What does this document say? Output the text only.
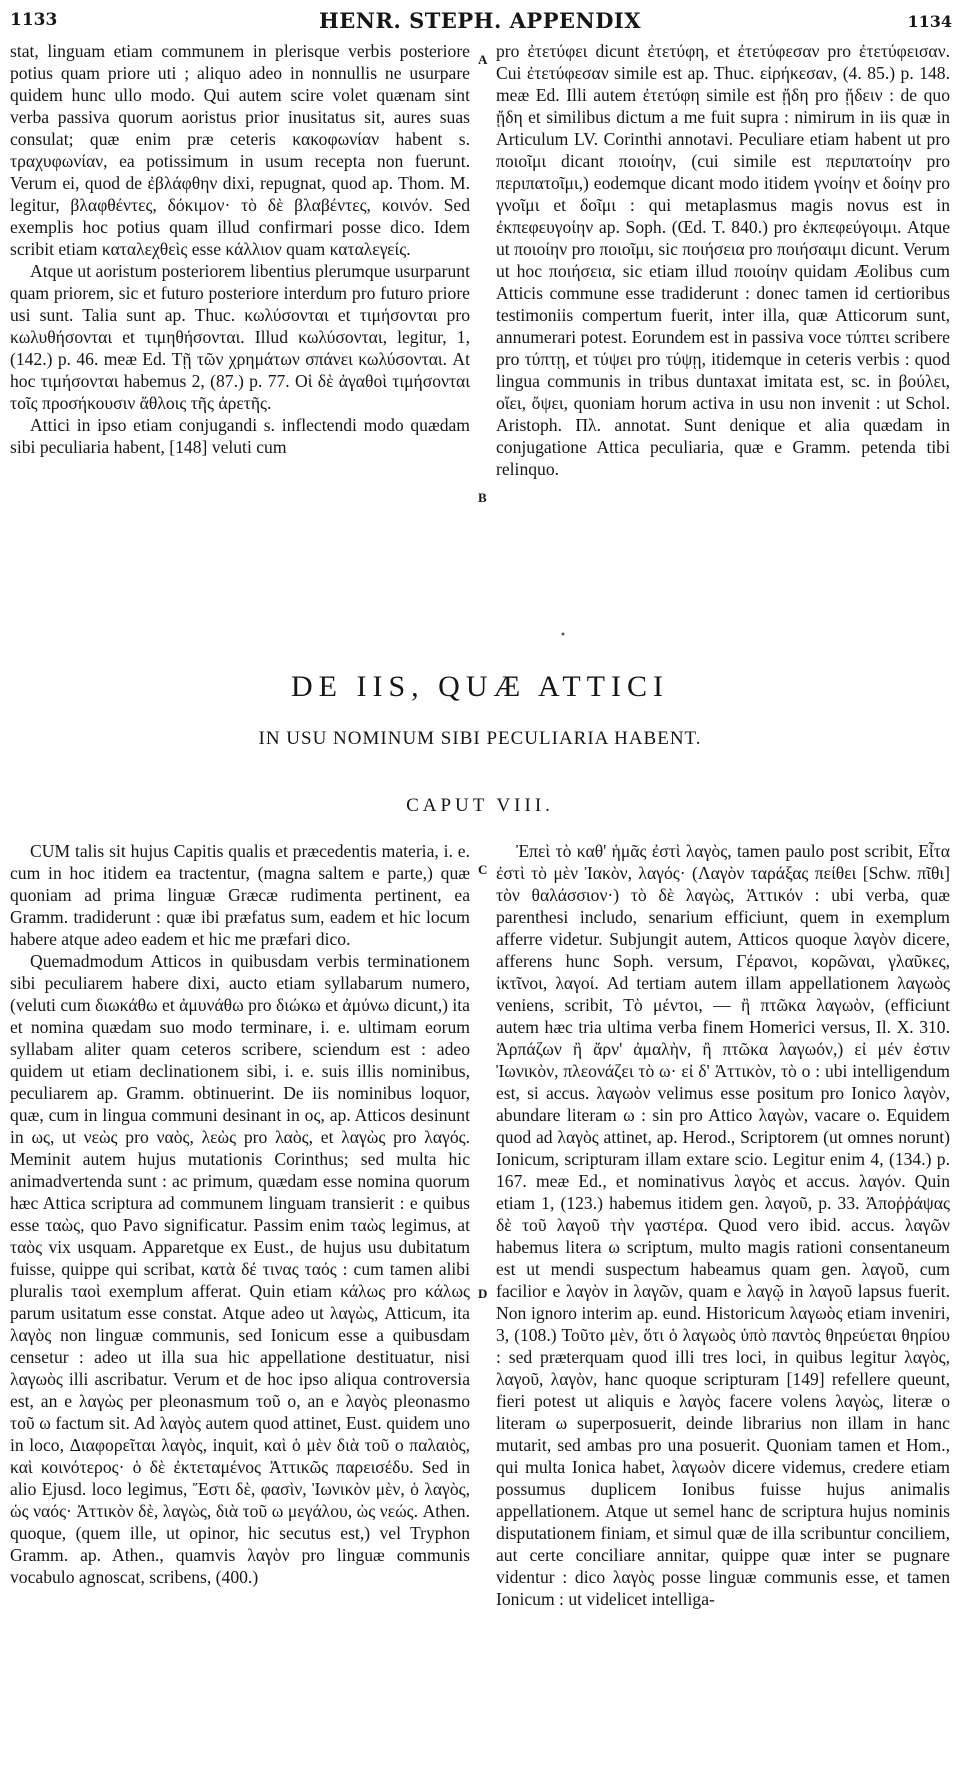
1133	HENR. STEPH. APPENDIX	1134

stat, linguam etiam communem in plerisque verbis posteriore potius quam priore uti ; aliquo adeo in nonnullis ne usurpare quidem hunc ullo modo. Qui autem scire volet quænam sint verba passiva quorum aoristus prior inusitatus sit, aures suas consulat; quæ enim præ ceteris κακοφωνίαν habent s. τραχυφωνίαν, ea potissimum in usum recepta non fuerunt. Verum ei, quod de ἐβλάφθην dixi, repugnat, quod ap. Thom. M. legitur, βλαφθέντες, δόκιμον· τὸ δὲ βλαβέντες, κοινόν. Sed exemplis hoc potius quam illud confirmari posse dico. Idem scribit etiam καταλεχθεὶς esse κάλλιον quam καταλεγείς.

Atque ut aoristum posteriorem libentius plerumque usurparunt quam priorem, sic et futuro posteriore interdum pro futuro priore usi sunt. Talia sunt ap. Thuc. κωλύσονται et τιμήσονται pro κωλυθήσονται et τιμηθήσονται. Illud κωλύσονται, legitur, 1, (142.) p. 46. meæ Ed. Τῇ τῶν χρημάτων σπάνει κωλύσονται. At hoc τιμήσονται habemus 2, (87.) p. 77. Οἱ δὲ ἀγαθοὶ τιμήσονται τοῖς προσήκουσιν ἄθλοις τῆς ἀρετῆς.

Attici in ipso etiam conjugandi s. inflectendi modo quædam sibi peculiaria habent, [148] veluti cum

A
B

pro ἐτετύφει dicunt ἐτετύφη, et ἐτετύφεσαν pro ἐτετύφεισαν. Cui ἐτετύφεσαν simile est ap. Thuc. εἰρήκεσαν, (4. 85.) p. 148. meæ Ed. Illi autem ἐτετύφη simile est ᾔδη pro ᾔδειν : de quo ᾔδη et similibus dictum a me fuit supra : nimirum in iis quæ in Articulum LV. Corinthi annotavi. Peculiare etiam habent ut pro ποιοῖμι dicant ποιοίην, (cui simile est περιπατοίην pro περιπατοῖμι,) eodemque dicant modo itidem γνοίην et δοίην pro γνοῖμι et δοῖμι : qui metaplasmus magis novus est in ἐκπεφευγοίην ap. Soph. (Œd. T. 840.) pro ἐκπεφεύγοιμι. Atque ut ποιοίην pro ποιοῖμι, sic ποιήσεια pro ποιήσαιμι dicunt. Verum ut hoc ποιήσεια, sic etiam illud ποιοίην quidam Æolibus cum Atticis commune esse tradiderunt : donec tamen id certioribus testimoniis compertum fuerit, inter illa, quæ Atticorum sunt, annumerari potest. Eorundem est in passiva voce τύπτει scribere pro τύπτῃ, et τύψει pro τύψῃ, itidemque in ceteris verbis : quod lingua communis in tribus duntaxat imitata est, sc. in βούλει, οἴει, ὄψει, quoniam horum activa in usu non invenit : ut Schol. Aristoph. Πλ. annotat. Sunt denique et alia quædam in conjugatione Attica peculiaria, quæ e Gramm. petenda tibi relinquo.

•
DE IIS, QUÆ ATTICI
IN USU NOMINUM SIBI PECULIARIA HABENT.
CAPUT VIII.

CUM talis sit hujus Capitis qualis et præcedentis materia, i. e. cum in hoc itidem ea tractentur, (magna saltem e parte,) quæ quoniam ad prima linguæ Græcæ rudimenta pertinent, ea Gramm. tradiderunt : quæ ibi præfatus sum, eadem et hic locum habere atque adeo eadem et hic me præfari dico.

Quemadmodum Atticos in quibusdam verbis terminationem sibi peculiarem habere dixi, aucto etiam syllabarum numero, (veluti cum διωκάθω et ἀμυνάθω pro διώκω et ἀμύνω dicunt,) ita et nomina quædam suo modo terminare, i. e. ultimam eorum syllabam aliter quam ceteros scribere, sciendum est : adeo quidem ut etiam declinationem sibi, i. e. suis illis nominibus, peculiarem ap. Gramm. obtinuerint. De iis nominibus loquor, quæ, cum in lingua communi desinant in ος, ap. Atticos desinunt in ως, ut νεὼς pro ναὸς, λεὼς pro λαὸς, et λαγὼς pro λαγός. Meminit autem hujus mutationis Corinthus; sed multa hic animadvertenda sunt : ac primum, quædam esse nomina quorum hæc Attica scriptura ad communem linguam transierit : e quibus esse ταὼς, quo Pavo significatur. Passim enim ταὼς legimus, at ταὸς vix usquam. Apparetque ex Eust., de hujus usu dubitatum fuisse, quippe qui scribat, κατὰ δέ τινας ταός : cum tamen alibi pluralis ταοὶ exemplum afferat. Quin etiam κάλως pro κάλως parum usitatum esse constat. Atque adeo ut λαγὼς, Atticum, ita λαγὸς non linguæ communis, sed Ionicum esse a quibusdam censetur : adeo ut illa sua hic appellatione destituatur, nisi λαγωὸς illi ascribatur. Verum et de hoc ipso aliqua controversia est, an e λαγὼς per pleonasmum τοῦ ο, an e λαγὸς pleonasmo τοῦ ω factum sit. Ad λαγὸς autem quod attinet, Eust. quidem uno in loco, Διαφορεῖται λαγὸς, inquit, καὶ ὁ μὲν διὰ τοῦ ο παλαιὸς, καὶ κοινότερος· ὁ δὲ ἐκτεταμένος Ἀττικῶς παρεισέδυ. Sed in alio Ejusd. loco legimus, Ἔστι δὲ, φασὶν, Ἰωνικὸν μὲν, ὁ λαγὸς, ὡς ναός· Ἀττικὸν δὲ, λαγὼς, διὰ τοῦ ω μεγάλου, ὡς νεώς. Athen. quoque, (quem ille, ut opinor, hic secutus est,) vel Tryphon Gramm. ap. Athen., quamvis λαγὸν pro linguæ communis vocabulo agnoscat, scribens, (400.)

C
D

Ἐπεὶ τὸ καθ' ἡμᾶς ἐστὶ λαγὸς, tamen paulo post scribit, Εἶτα ἐστὶ τὸ μὲν Ἰακὸν, λαγός· (Λαγὸν ταράξας πείθει [Schw. πῖθι] τὸν θαλάσσιον·) τὸ δὲ λαγὼς, Ἀττικόν : ubi verba, quæ parenthesi includo, senarium efficiunt, quem in exemplum afferre videtur. Subjungit autem, Atticos quoque λαγὸν dicere, afferens hunc Soph. versum, Γέρανοι, κορῶναι, γλαῦκες, ἰκτῖνοι, λαγοί. Ad tertiam autem illam appellationem λαγωὸς veniens, scribit, Τὸ μέντοι, — ἢ πτῶκα λαγωὸν, (efficiunt autem hæc tria ultima verba finem Homerici versus, Il. X. 310. Ἁρπάζων ἢ ἄρν' ἀμαλὴν, ἢ πτῶκα λαγωόν,) εἰ μέν ἐστιν Ἰωνικὸν, πλεονάζει τὸ ω· εἰ δ' Ἀττικὸν, τὸ ο : ubi intelligendum est, si accus. λαγωὸν velimus esse positum pro Ionico λαγὸν, abundare literam ω : sin pro Attico λαγὼν, vacare o. Equidem quod ad λαγὸς attinet, ap. Herod., Scriptorem (ut omnes norunt) Ionicum, scripturam illam extare scio. Legitur enim 4, (134.) p. 167. meæ Ed., et nominativus λαγὸς et accus. λαγόν. Quin etiam 1, (123.) habemus itidem gen. λαγοῦ, p. 33. Ἀποῤῥάψας δὲ τοῦ λαγοῦ τὴν γαστέρα. Quod vero ibid. accus. λαγῶν habemus litera ω scriptum, multo magis rationi consentaneum est ut mendi suspectum habeamus quam gen. λαγοῦ, cum facilior e λαγὸν in λαγῶν, quam e λαγῷ in λαγοῦ lapsus fuerit. Non ignoro interim ap. eund. Historicum λαγωὸς etiam inveniri, 3, (108.) Τοῦτο μὲν, ὅτι ὁ λαγωὸς ὑπὸ παντὸς θηρεύεται θηρίου : sed præterquam quod illi tres loci, in quibus legitur λαγὸς, λαγοῦ, λαγὸν, hanc quoque scripturam [149] refellere queunt, fieri potest ut aliquis e λαγὸς facere volens λαγὼς, literæ o literam ω superposuerit, deinde librarius non illam in hanc mutarit, sed ambas pro una posuerit. Quoniam tamen et Hom., qui multa Ionica habet, λαγωὸν dicere videmus, credere etiam possumus duplicem Ionibus fuisse hujus animalis appellationem. Atque ut semel hanc de scriptura hujus nominis disputationem finiam, et simul quæ de illa scribuntur conciliem, aut certe conciliare annitar, quippe quæ inter se pugnare videntur : dico λαγὸς posse linguæ communis esse, et tamen Ionicum : ut videlicet intelliga-
